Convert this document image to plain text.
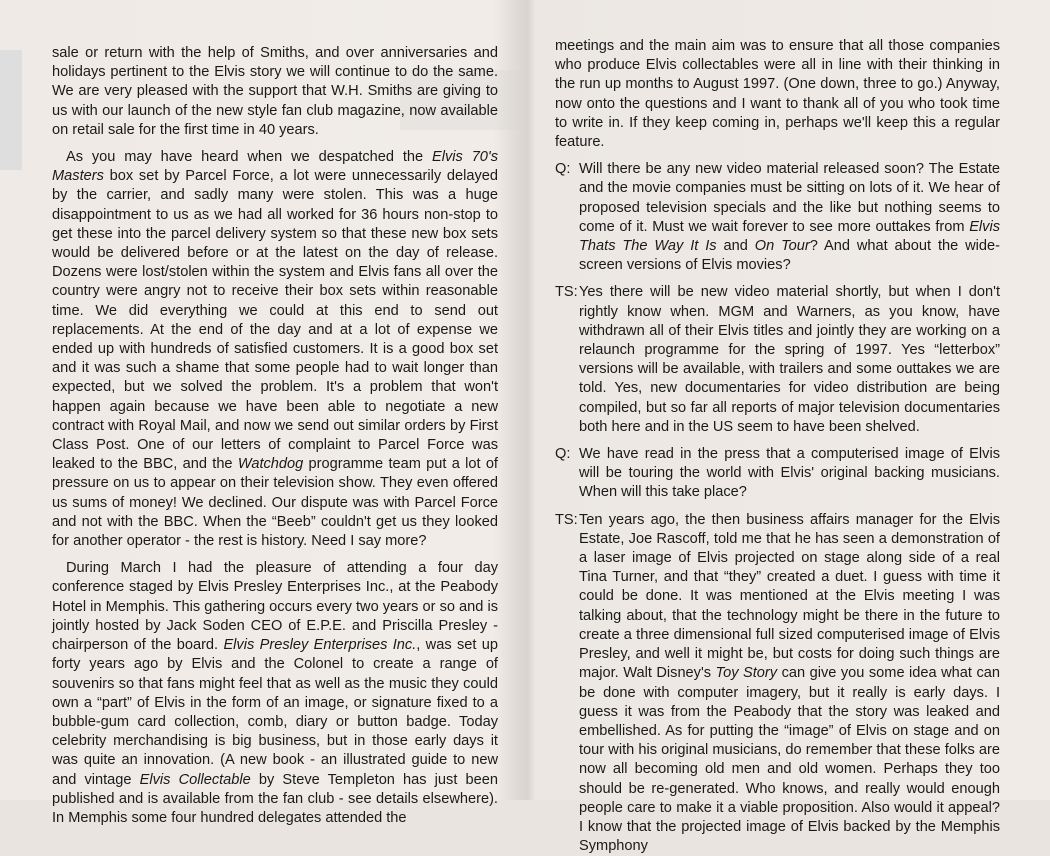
sale or return with the help of Smiths, and over anniversaries and holidays pertinent to the Elvis story we will continue to do the same. We are very pleased with the support that W.H. Smiths are giving to us with our launch of the new style fan club magazine, now available on retail sale for the first time in 40 years.

As you may have heard when we despatched the Elvis 70's Masters box set by Parcel Force, a lot were unnecessarily delayed by the carrier, and sadly many were stolen. This was a huge disappointment to us as we had all worked for 36 hours non-stop to get these into the parcel delivery system so that these new box sets would be delivered before or at the latest on the day of release. Dozens were lost/stolen within the system and Elvis fans all over the country were angry not to receive their box sets within reasonable time. We did everything we could at this end to send out replacements. At the end of the day and at a lot of expense we ended up with hundreds of satisfied customers. It is a good box set and it was such a shame that some people had to wait longer than expected, but we solved the problem. It's a problem that won't happen again because we have been able to negotiate a new contract with Royal Mail, and now we send out similar orders by First Class Post. One of our letters of complaint to Parcel Force was leaked to the BBC, and the Watchdog programme team put a lot of pressure on us to appear on their television show. They even offered us sums of money! We declined. Our dispute was with Parcel Force and not with the BBC. When the “Beeb” couldn't get us they looked for another operator - the rest is history. Need I say more?

During March I had the pleasure of attending a four day conference staged by Elvis Presley Enterprises Inc., at the Peabody Hotel in Memphis. This gathering occurs every two years or so and is jointly hosted by Jack Soden CEO of E.P.E. and Priscilla Presley - chairperson of the board. Elvis Presley Enterprises Inc., was set up forty years ago by Elvis and the Colonel to create a range of souvenirs so that fans might feel that as well as the music they could own a “part” of Elvis in the form of an image, or signature fixed to a bubble-gum card collection, comb, diary or button badge. Today celebrity merchandising is big business, but in those early days it was quite an innovation. (A new book - an illustrated guide to new and vintage Elvis Collectable by Steve Templeton has just been published and is available from the fan club - see details elsewhere). In Memphis some four hundred delegates attended the

meetings and the main aim was to ensure that all those companies who produce Elvis collectables were all in line with their thinking in the run up months to August 1997. (One down, three to go.) Anyway, now onto the questions and I want to thank all of you who took time to write in. If they keep coming in, perhaps we'll keep this a regular feature.

Q: Will there be any new video material released soon? The Estate and the movie companies must be sitting on lots of it. We hear of proposed television specials and the like but nothing seems to come of it. Must we wait forever to see more outtakes from Elvis Thats The Way It Is and On Tour? And what about the wide-screen versions of Elvis movies?
TS: Yes there will be new video material shortly, but when I don't rightly know when. MGM and Warners, as you know, have withdrawn all of their Elvis titles and jointly they are working on a relaunch programme for the spring of 1997. Yes “letterbox” versions will be available, with trailers and some outtakes we are told. Yes, new documentaries for video distribution are being compiled, but so far all reports of major television documentaries both here and in the US seem to have been shelved.
Q: We have read in the press that a computerised image of Elvis will be touring the world with Elvis' original backing musicians. When will this take place?
TS: Ten years ago, the then business affairs manager for the Elvis Estate, Joe Rascoff, told me that he has seen a demonstration of a laser image of Elvis projected on stage along side of a real Tina Turner, and that “they” created a duet. I guess with time it could be done. It was mentioned at the Elvis meeting I was talking about, that the technology might be there in the future to create a three dimensional full sized computerised image of Elvis Presley, and well it might be, but costs for doing such things are major. Walt Disney's Toy Story can give you some idea what can be done with computer imagery, but it really is early days. I guess it was from the Peabody that the story was leaked and embellished. As for putting the “image” of Elvis on stage and on tour with his original musicians, do remember that these folks are now all becoming old men and old women. Perhaps they too should be re-generated. Who knows, and really would enough people care to make it a viable proposition. Also would it appeal? I know that the projected image of Elvis backed by the Memphis Symphony
